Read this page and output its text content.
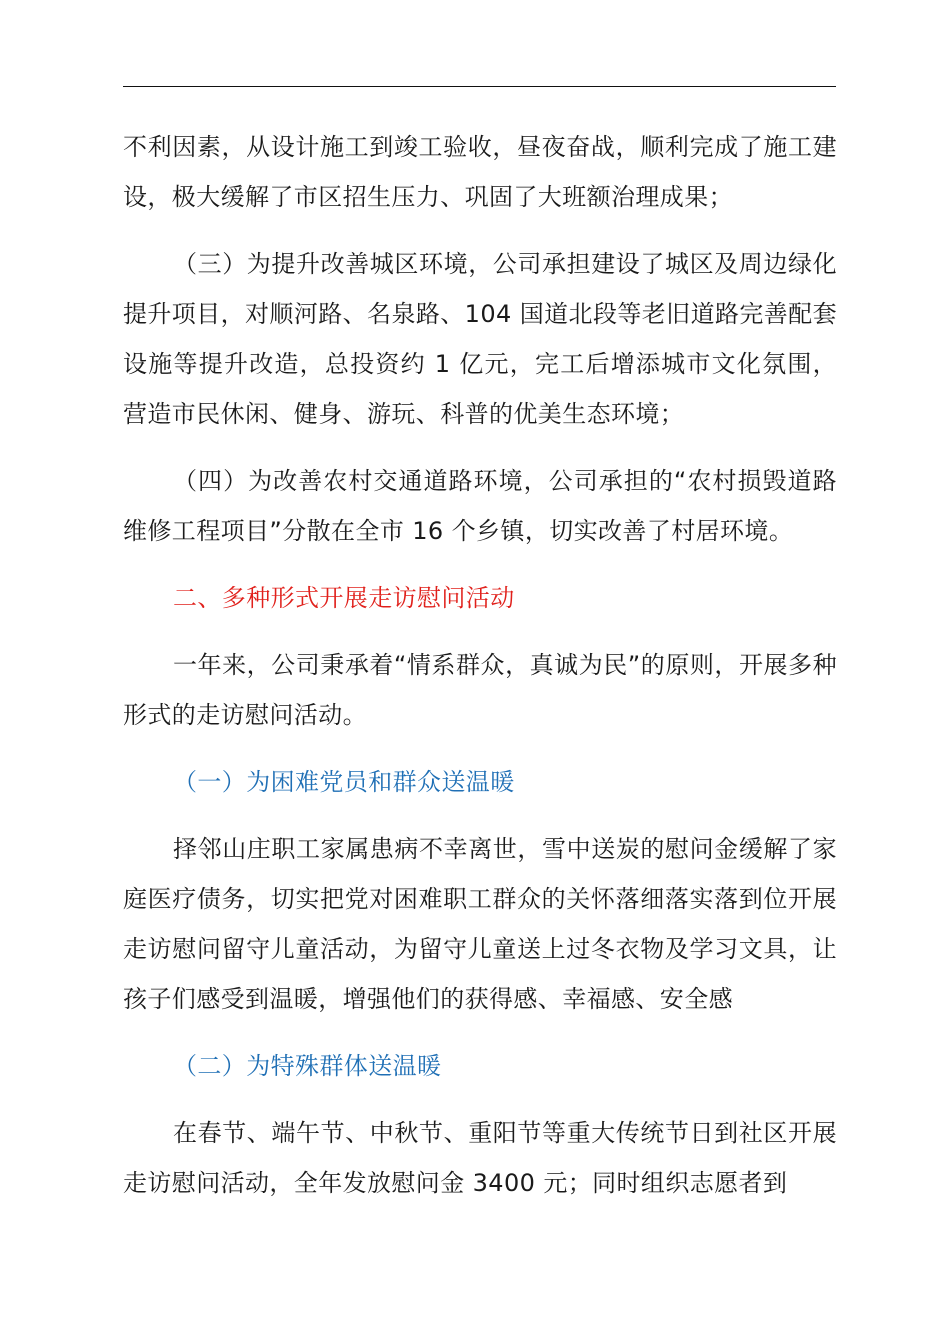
不利因素，从设计施工到竣工验收，昼夜奋战，顺利完成了施工建设，极大缓解了市区招生压力、巩固了大班额治理成果；

（三）为提升改善城区环境，公司承担建设了城区及周边绿化提升项目，对顺河路、名泉路、104 国道北段等老旧道路完善配套设施等提升改造，总投资约 1 亿元，完工后增添城市文化氛围，营造市民休闲、健身、游玩、科普的优美生态环境；

（四）为改善农村交通道路环境，公司承担的“农村损毁道路维修工程项目”分散在全市 16 个乡镇，切实改善了村居环境。

二、多种形式开展走访慰问活动

一年来，公司秉承着“情系群众，真诚为民”的原则，开展多种形式的走访慰问活动。

（一）为困难党员和群众送温暖

择邻山庄职工家属患病不幸离世，雪中送炭的慰问金缓解了家庭医疗债务，切实把党对困难职工群众的关怀落细落实落到位开展走访慰问留守儿童活动，为留守儿童送上过冬衣物及学习文具，让孩子们感受到温暖，增强他们的获得感、幸福感、安全感

（二）为特殊群体送温暖

在春节、端午节、中秋节、重阳节等重大传统节日到社区开展走访慰问活动，全年发放慰问金 3400 元；同时组织志愿者到
